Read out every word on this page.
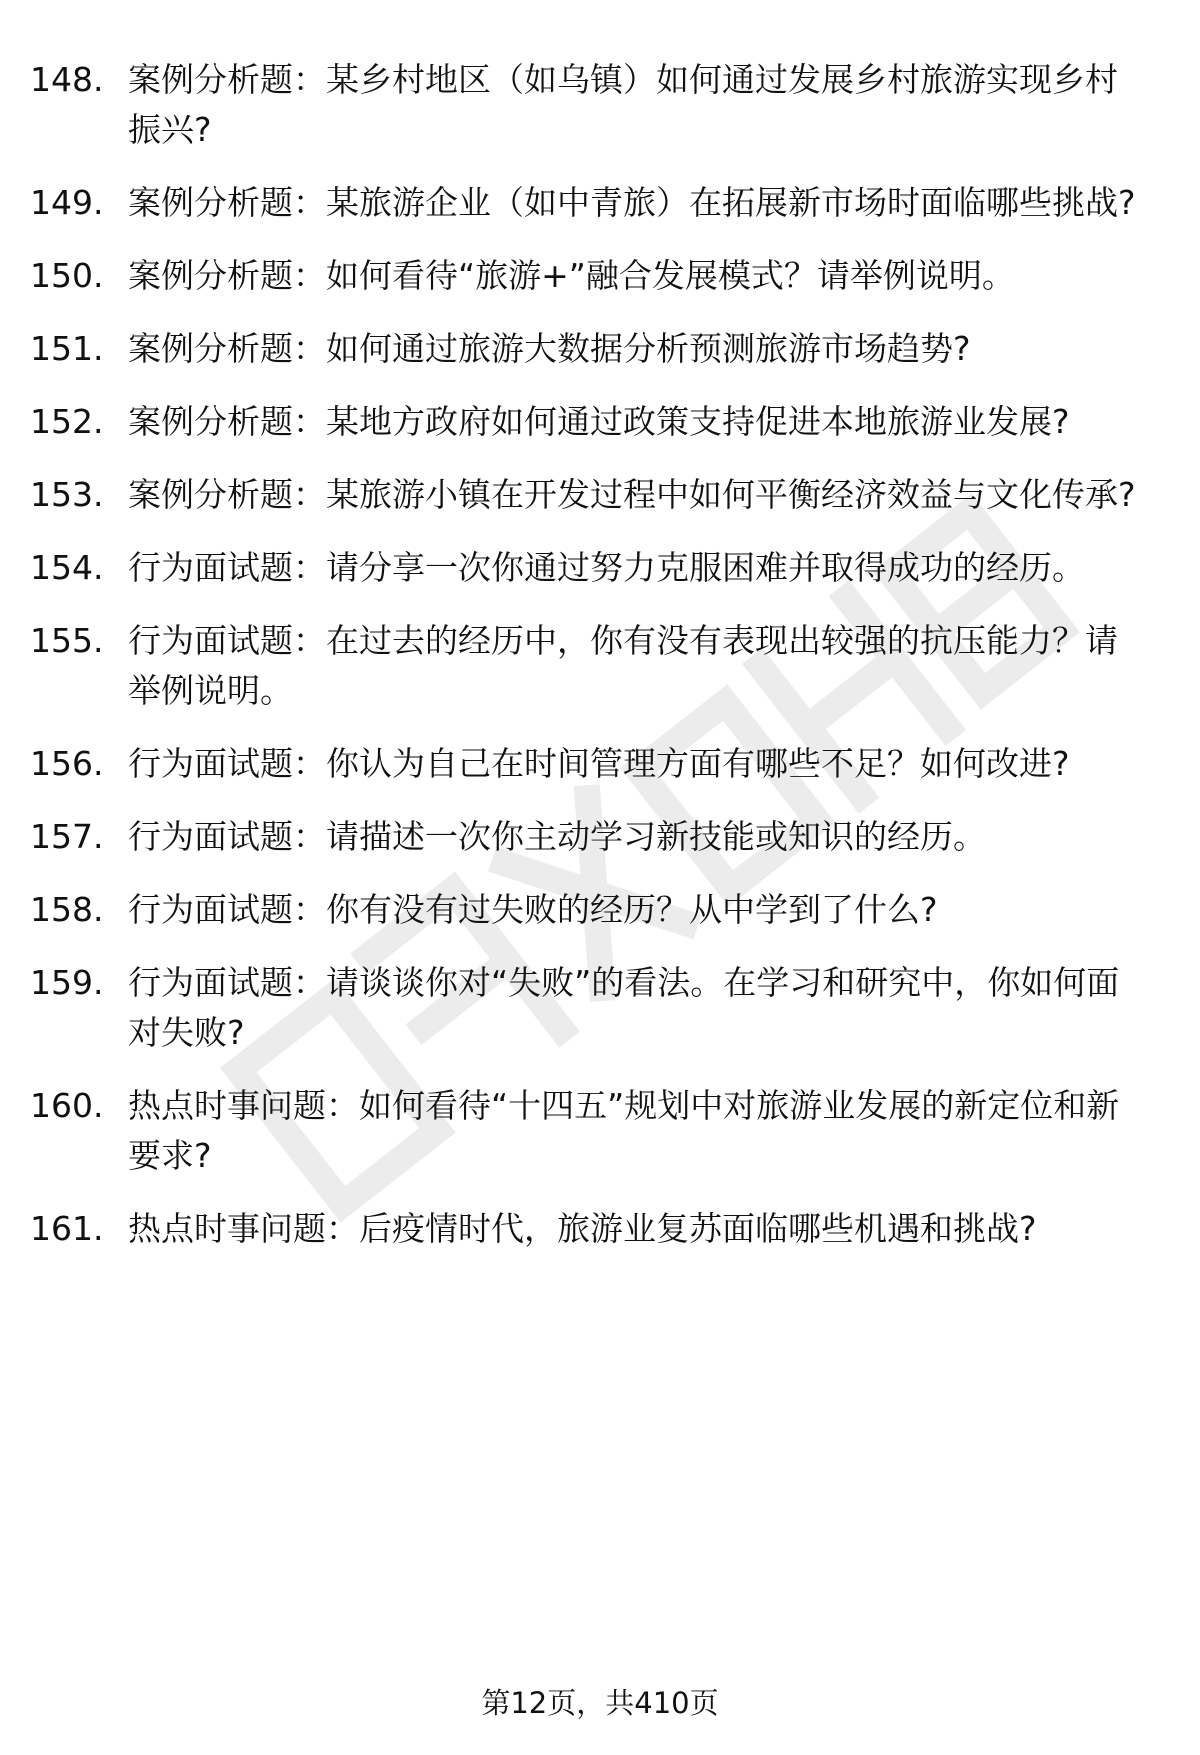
148. 案例分析题：某乡村地区（如乌镇）如何通过发展乡村旅游实现乡村振兴?
149. 案例分析题：某旅游企业（如中青旅）在拓展新市场时面临哪些挑战?
150. 案例分析题：如何看待“旅游+”融合发展模式？请举例说明。
151. 案例分析题：如何通过旅游大数据分析预测旅游市场趋势?
152. 案例分析题：某地方政府如何通过政策支持促进本地旅游业发展?
153. 案例分析题：某旅游小镇在开发过程中如何平衡经济效益与文化传承?
154. 行为面试题：请分享一次你通过努力克服困难并取得成功的经历。
155. 行为面试题：在过去的经历中，你有没有表现出较强的抗压能力？请举例说明。
156. 行为面试题：你认为自己在时间管理方面有哪些不足？如何改进?
157. 行为面试题：请描述一次你主动学习新技能或知识的经历。
158. 行为面试题：你有没有过失败的经历？从中学到了什么?
159. 行为面试题：请谈谈你对“失败”的看法。在学习和研究中，你如何面对失败?
160. 热点时事问题：如何看待“十四五”规划中对旅游业发展的新定位和新要求?
161. 热点时事问题：后疫情时代，旅游业复苏面临哪些机遇和挑战?
第12页，共410页
